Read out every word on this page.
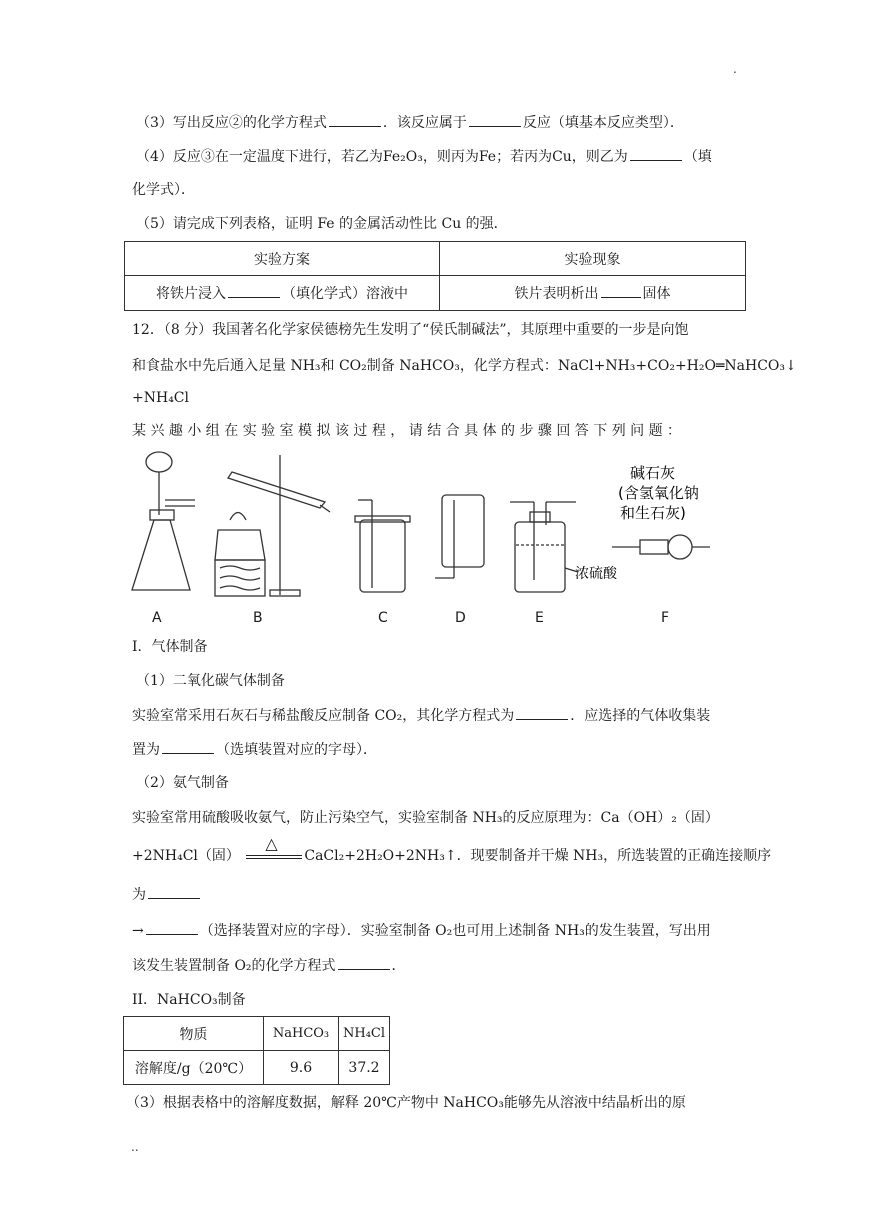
.
（3）写出反应②的化学方程式	．该反应属于	反应（填基本反应类型）．
（4）反应③在一定温度下进行，若乙为Fe₂O₃，则丙为Fe；若丙为Cu，则乙为	（填
化学式）．
（5）请完成下列表格，证明 Fe 的金属活动性比 Cu 的强．
实验方案	实验现象
将铁片浸入 （填化学式）溶液中	铁片表明析出 固体
12．（8 分）我国著名化学家侯德榜先生发明了“侯氏制碱法”，其原理中重要的一步是向饱
和食盐水中先后通入足量 NH₃和 CO₂制备 NaHCO₃，化学方程式：NaCl+NH₃+CO₂+H₂O═NaHCO₃↓
+NH₄Cl
某 兴 趣 小 组 在 实 验 室 模 拟 该 过 程 ， 请 结 合 具 体 的 步 骤 回 答 下 列 问 题 ：
浓硫酸
碱石灰
(含氢氧化钠
和生石灰)
A	B	C	D	E	F
I．气体制备
（1）二氧化碳气体制备
实验室常采用石灰石与稀盐酸反应制备 CO₂，其化学方程式为	．应选择的气体收集装
置为	（选填装置对应的字母）．
（2）氨气制备
实验室常用硫酸吸收氨气，防止污染空气，实验室制备 NH₃的反应原理为：Ca（OH）₂（固）
+2NH₄Cl（固）
△
CaCl₂+2H₂O+2NH₃↑．现要制备并干燥 NH₃，所选装置的正确连接顺序
为
→	（选择装置对应的字母）．实验室制备 O₂也可用上述制备 NH₃的发生装置，写出用
该发生装置制备 O₂的化学方程式	．
II．NaHCO₃制备
物质	NaHCO₃	NH₄Cl
溶解度/g（20℃）	9.6	37.2
（3）根据表格中的溶解度数据，解释 20℃产物中 NaHCO₃能够先从溶液中结晶析出的原
..
